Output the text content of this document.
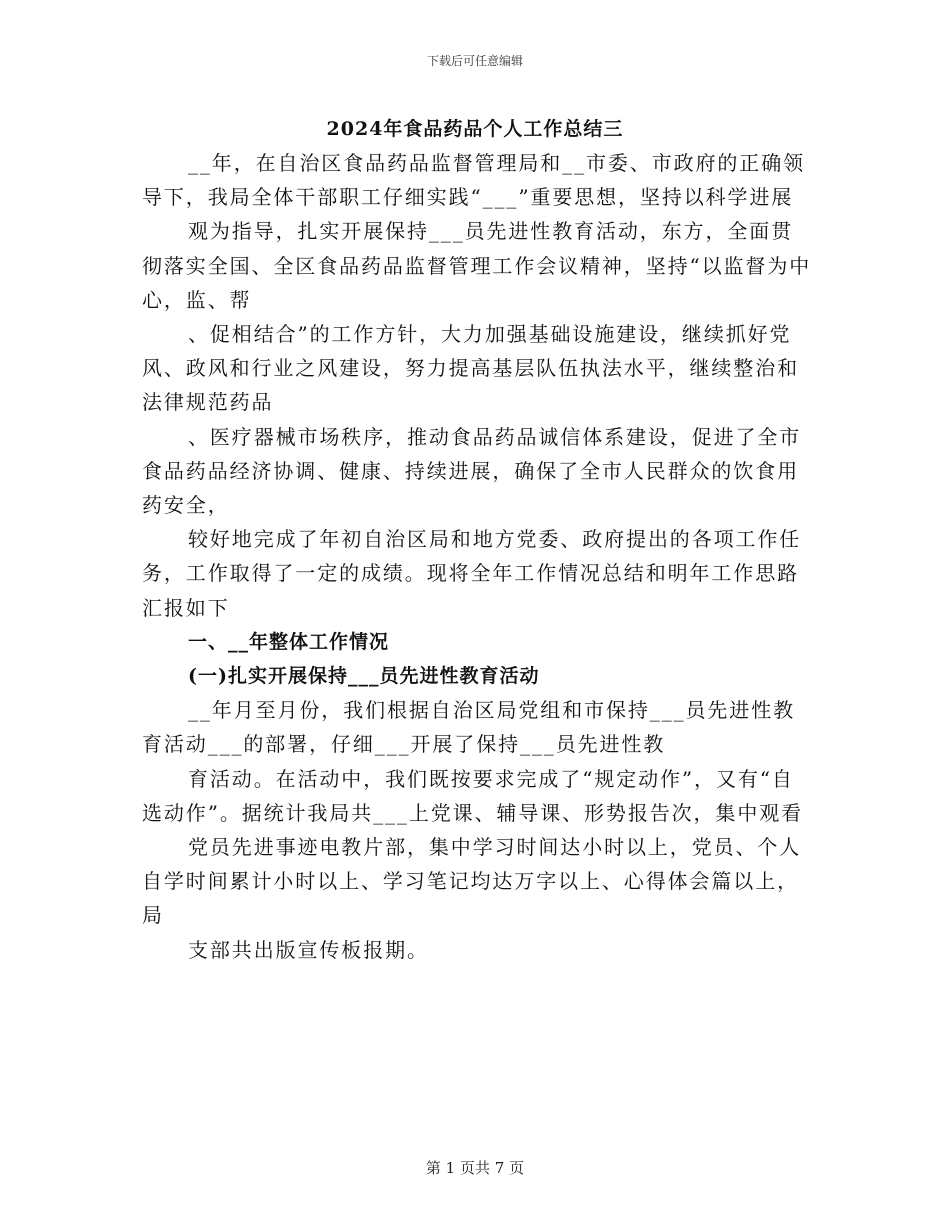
下载后可任意编辑
2024年食品药品个人工作总结三

__年，在自治区食品药品监督管理局和__市委、市政府的正确领导下，我局全体干部职工仔细实践“___”重要思想，坚持以科学进展

观为指导，扎实开展保持___员先进性教育活动，东方，全面贯彻落实全国、全区食品药品监督管理工作会议精神，坚持“以监督为中心，监、帮

、促相结合”的工作方针，大力加强基础设施建设，继续抓好党风、政风和行业之风建设，努力提高基层队伍执法水平，继续整治和法律规范药品

、医疗器械市场秩序，推动食品药品诚信体系建设，促进了全市食品药品经济协调、健康、持续进展，确保了全市人民群众的饮食用药安全，

较好地完成了年初自治区局和地方党委、政府提出的各项工作任务，工作取得了一定的成绩。现将全年工作情况总结和明年工作思路汇报如下

一、__年整体工作情况

(一)扎实开展保持___员先进性教育活动

__年月至月份，我们根据自治区局党组和市保持___员先进性教育活动___的部署，仔细___开展了保持___员先进性教

育活动。在活动中，我们既按要求完成了“规定动作”，又有“自选动作”。据统计我局共___上党课、辅导课、形势报告次，集中观看

党员先进事迹电教片部，集中学习时间达小时以上，党员、个人自学时间累计小时以上、学习笔记均达万字以上、心得体会篇以上，局

支部共出版宣传板报期。

第 1 页共 7 页
